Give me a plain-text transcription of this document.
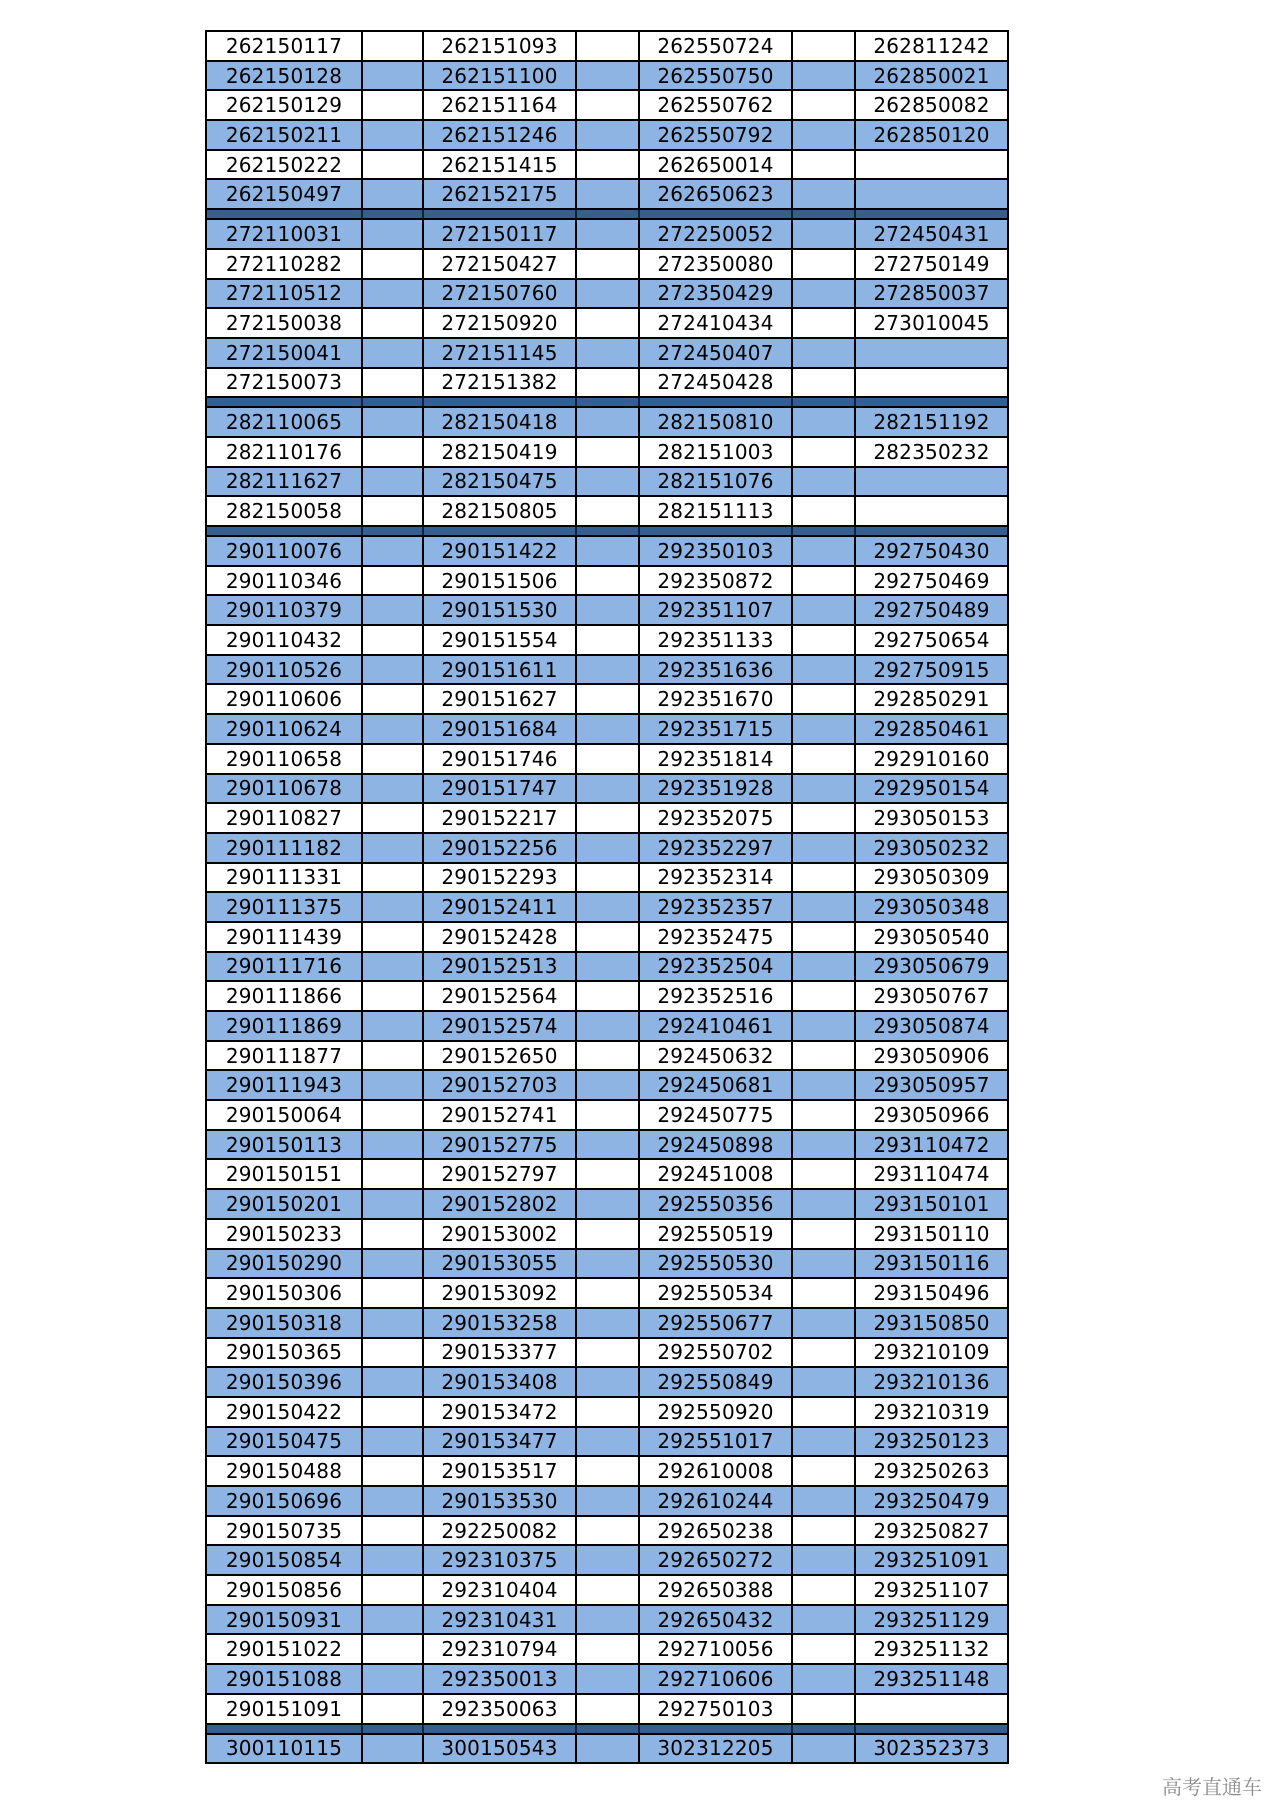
262150117	262151093	262550724	262811242
262150128	262151100	262550750	262850021
262150129	262151164	262550762	262850082
262150211	262151246	262550792	262850120
262150222	262151415	262650014
262150497	262152175	262650623
272110031	272150117	272250052	272450431
272110282	272150427	272350080	272750149
272110512	272150760	272350429	272850037
272150038	272150920	272410434	273010045
272150041	272151145	272450407
272150073	272151382	272450428
282110065	282150418	282150810	282151192
282110176	282150419	282151003	282350232
282111627	282150475	282151076
282150058	282150805	282151113
290110076	290151422	292350103	292750430
290110346	290151506	292350872	292750469
290110379	290151530	292351107	292750489
290110432	290151554	292351133	292750654
290110526	290151611	292351636	292750915
290110606	290151627	292351670	292850291
290110624	290151684	292351715	292850461
290110658	290151746	292351814	292910160
290110678	290151747	292351928	292950154
290110827	290152217	292352075	293050153
290111182	290152256	292352297	293050232
290111331	290152293	292352314	293050309
290111375	290152411	292352357	293050348
290111439	290152428	292352475	293050540
290111716	290152513	292352504	293050679
290111866	290152564	292352516	293050767
290111869	290152574	292410461	293050874
290111877	290152650	292450632	293050906
290111943	290152703	292450681	293050957
290150064	290152741	292450775	293050966
290150113	290152775	292450898	293110472
290150151	290152797	292451008	293110474
290150201	290152802	292550356	293150101
290150233	290153002	292550519	293150110
290150290	290153055	292550530	293150116
290150306	290153092	292550534	293150496
290150318	290153258	292550677	293150850
290150365	290153377	292550702	293210109
290150396	290153408	292550849	293210136
290150422	290153472	292550920	293210319
290150475	290153477	292551017	293250123
290150488	290153517	292610008	293250263
290150696	290153530	292610244	293250479
290150735	292250082	292650238	293250827
290150854	292310375	292650272	293251091
290150856	292310404	292650388	293251107
290150931	292310431	292650432	293251129
290151022	292310794	292710056	293251132
290151088	292350013	292710606	293251148
290151091	292350063	292750103
300110115	300150543	302312205	302352373
高考直通车
